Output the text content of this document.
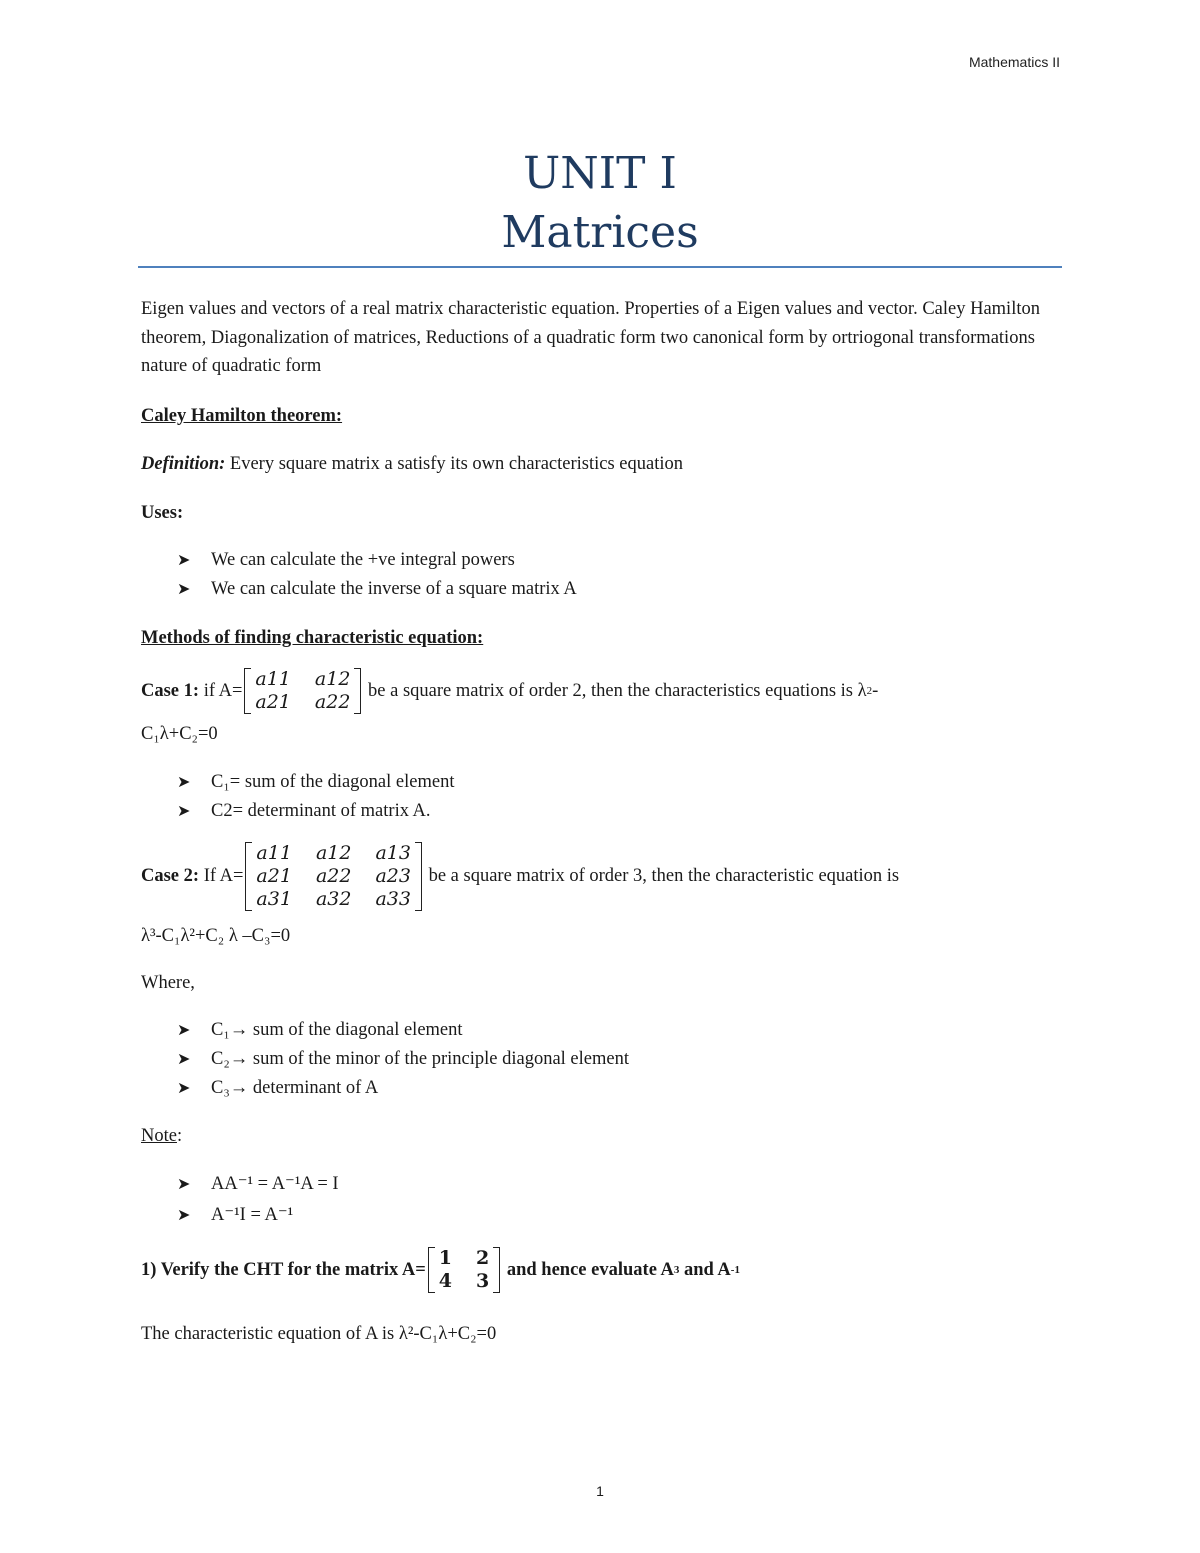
Mathematics II
UNIT I
Matrices
Eigen values and vectors of a real matrix characteristic equation. Properties of a Eigen values and vector. Caley Hamilton theorem, Diagonalization of matrices, Reductions of a quadratic form two canonical form by ortriogonal transformations nature of quadratic form
Caley Hamilton theorem:
Definition: Every square matrix a satisfy its own characteristics equation
Uses:
➤ We can calculate the +ve integral powers
➤ We can calculate the inverse of a square matrix A
Methods of finding characteristic equation:
Case 1: if A=
a11 a12
a21 a22
be a square matrix of order 2, then the characteristics equations is λ 2 -
C₁λ+C₂=0
➤ C₁= sum of the diagonal element
➤ C2= determinant of matrix A.
Case 2: If A=
a11 a12 a13
a21 a22 a23
a31 a32 a33
be a square matrix of order 3, then the characteristic equation is
λ³-C₁λ²+C₂ λ –C₃=0
Where,
➤ C₁→ sum of the diagonal element
➤ C₂→ sum of the minor of the principle diagonal element
➤ C₃→ determinant of A
Note:
➤ AA⁻¹ = A⁻¹A = I
➤ A⁻¹I = A⁻¹
1) Verify the CHT for the matrix A=
1 2
4 3
and hence evaluate A 3 and A -1
The characteristic equation of A is λ²-C₁λ+C₂=0
1
